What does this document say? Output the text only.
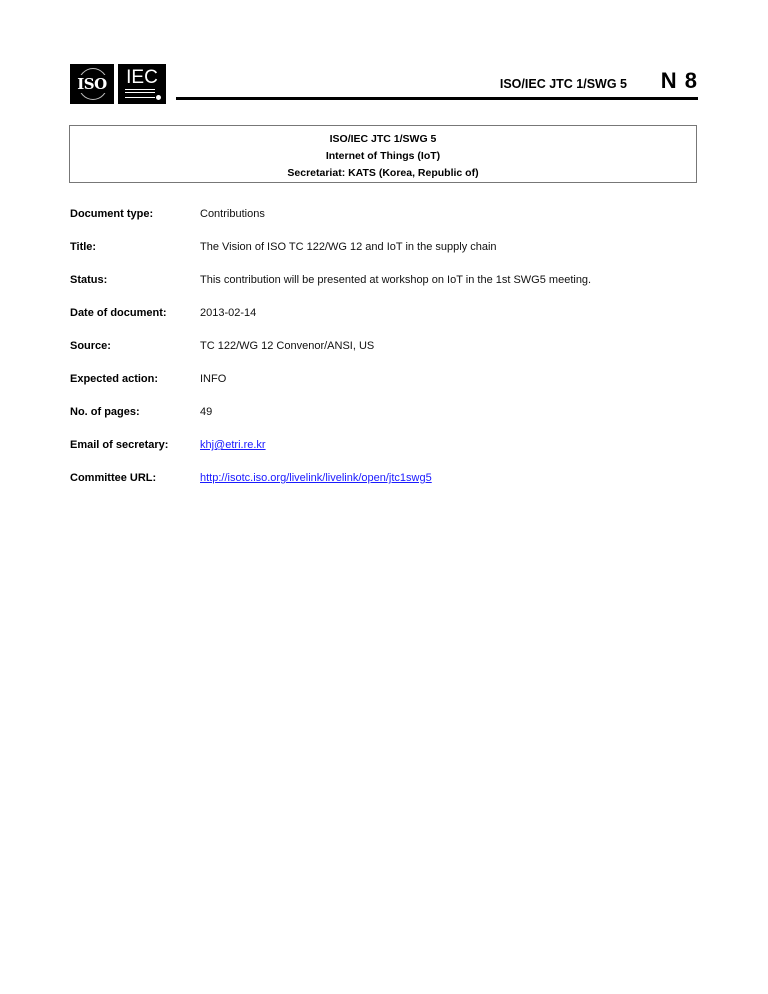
ISO IEC	ISO/IEC JTC 1/SWG 5 N 8
ISO/IEC JTC 1/SWG 5
Internet of Things (IoT)
Secretariat: KATS (Korea, Republic of)
Document type:	Contributions
Title:	The Vision of ISO TC 122/WG 12 and IoT in the supply chain
Status:	This contribution will be presented at workshop on IoT in the 1st SWG5 meeting.
Date of document:	2013-02-14
Source:	TC 122/WG 12 Convenor/ANSI, US
Expected action:	INFO
No. of pages:	49
Email of secretary:	khj@etri.re.kr
Committee URL:	http://isotc.iso.org/livelink/livelink/open/jtc1swg5
